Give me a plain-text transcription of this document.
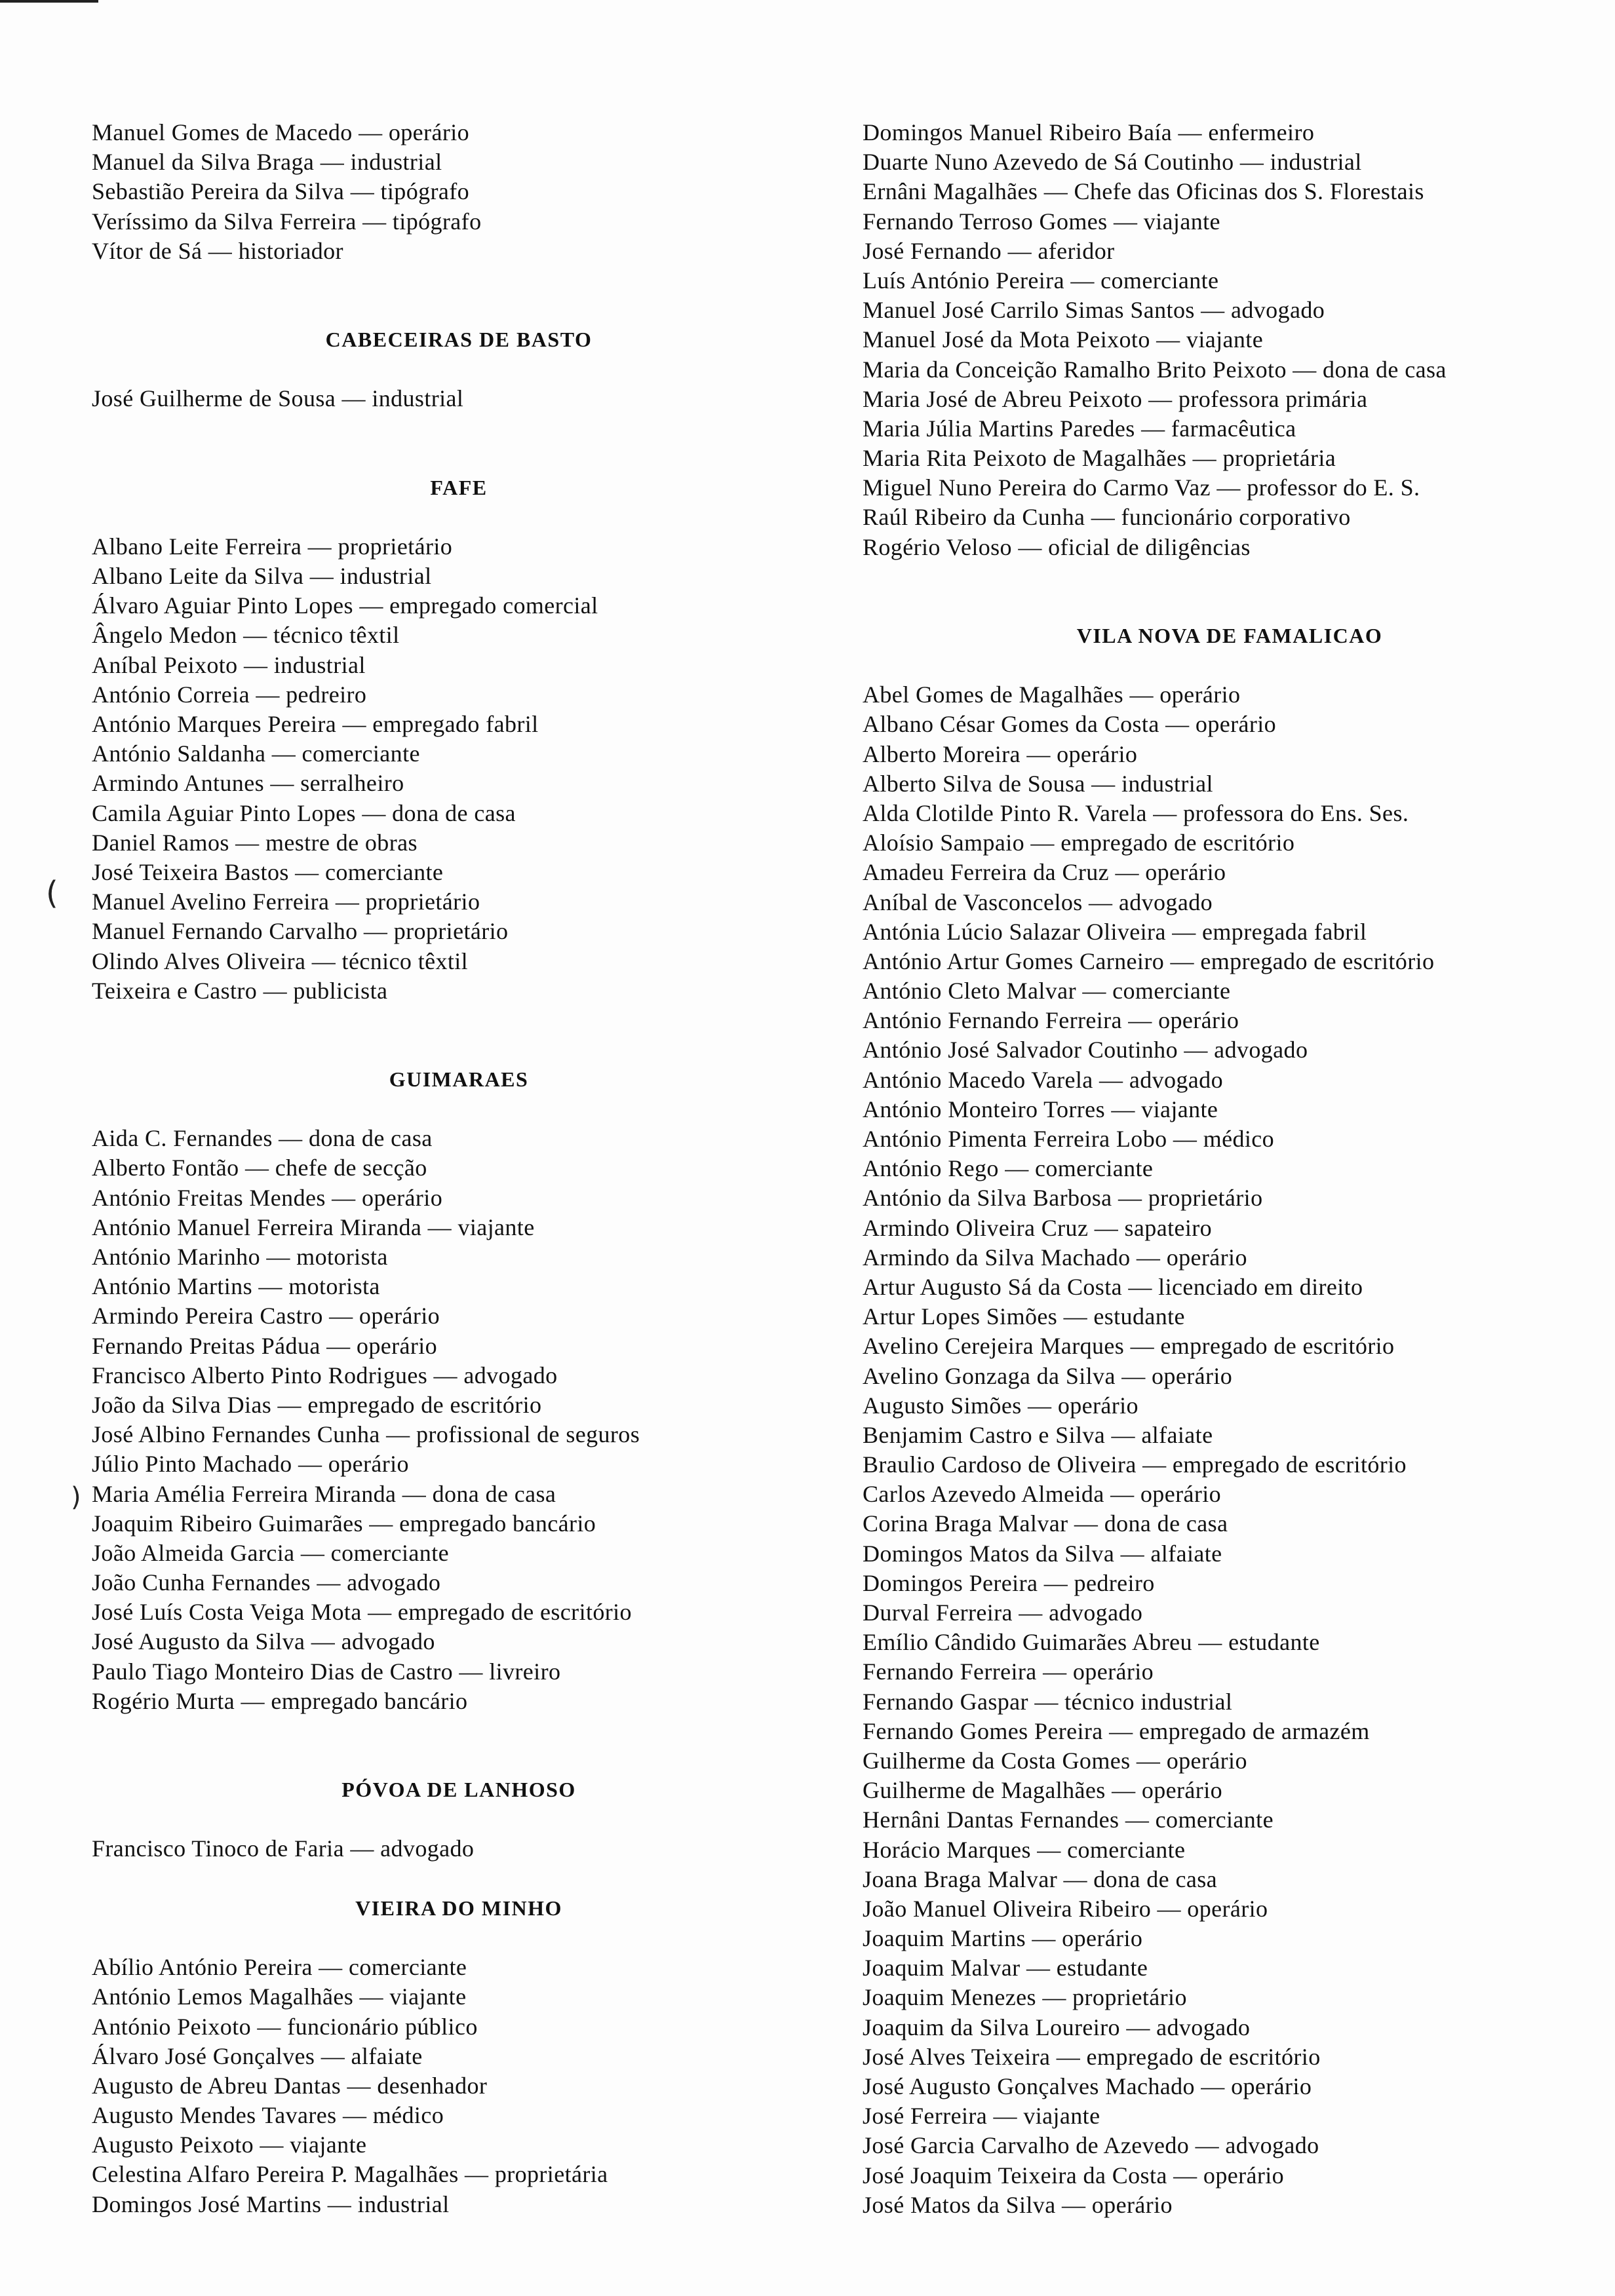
(
)
Manuel Gomes de Macedo — operário
Manuel da Silva Braga — industrial
Sebastião Pereira da Silva — tipógrafo
Veríssimo da Silva Ferreira — tipógrafo
Vítor de Sá — historiador
CABECEIRAS DE BASTO
José Guilherme de Sousa — industrial
FAFE
Albano Leite Ferreira — proprietário
Albano Leite da Silva — industrial
Álvaro Aguiar Pinto Lopes — empregado comercial
Ângelo Medon — técnico têxtil
Aníbal Peixoto — industrial
António Correia — pedreiro
António Marques Pereira — empregado fabril
António Saldanha — comerciante
Armindo Antunes — serralheiro
Camila Aguiar Pinto Lopes — dona de casa
Daniel Ramos — mestre de obras
José Teixeira Bastos — comerciante
Manuel Avelino Ferreira — proprietário
Manuel Fernando Carvalho — proprietário
Olindo Alves Oliveira — técnico têxtil
Teixeira e Castro — publicista
GUIMARAES
Aida C. Fernandes — dona de casa
Alberto Fontão — chefe de secção
António Freitas Mendes — operário
António Manuel Ferreira Miranda — viajante
António Marinho — motorista
António Martins — motorista
Armindo Pereira Castro — operário
Fernando Preitas Pádua — operário
Francisco Alberto Pinto Rodrigues — advogado
João da Silva Dias — empregado de escritório
José Albino Fernandes Cunha — profissional de seguros
Júlio Pinto Machado — operário
Maria Amélia Ferreira Miranda — dona de casa
Joaquim Ribeiro Guimarães — empregado bancário
João Almeida Garcia — comerciante
João Cunha Fernandes — advogado
José Luís Costa Veiga Mota — empregado de escritório
José Augusto da Silva — advogado
Paulo Tiago Monteiro Dias de Castro — livreiro
Rogério Murta — empregado bancário
PÓVOA DE LANHOSO
Francisco Tinoco de Faria — advogado
VIEIRA DO MINHO
Abílio António Pereira — comerciante
António Lemos Magalhães — viajante
António Peixoto — funcionário público
Álvaro José Gonçalves — alfaiate
Augusto de Abreu Dantas — desenhador
Augusto Mendes Tavares — médico
Augusto Peixoto — viajante
Celestina Alfaro Pereira P. Magalhães — proprietária
Domingos José Martins — industrial
Domingos Manuel Ribeiro Baía — enfermeiro
Duarte Nuno Azevedo de Sá Coutinho — industrial
Ernâni Magalhães — Chefe das Oficinas dos S. Florestais
Fernando Terroso Gomes — viajante
José Fernando — aferidor
Luís António Pereira — comerciante
Manuel José Carrilo Simas Santos — advogado
Manuel José da Mota Peixoto — viajante
Maria da Conceição Ramalho Brito Peixoto — dona de casa
Maria José de Abreu Peixoto — professora primária
Maria Júlia Martins Paredes — farmacêutica
Maria Rita Peixoto de Magalhães — proprietária
Miguel Nuno Pereira do Carmo Vaz — professor do E. S.
Raúl Ribeiro da Cunha — funcionário corporativo
Rogério Veloso — oficial de diligências
VILA NOVA DE FAMALICAO
Abel Gomes de Magalhães — operário
Albano César Gomes da Costa — operário
Alberto Moreira — operário
Alberto Silva de Sousa — industrial
Alda Clotilde Pinto R. Varela — professora do Ens. Ses.
Aloísio Sampaio — empregado de escritório
Amadeu Ferreira da Cruz — operário
Aníbal de Vasconcelos — advogado
Antónia Lúcio Salazar Oliveira — empregada fabril
António Artur Gomes Carneiro — empregado de escritório
António Cleto Malvar — comerciante
António Fernando Ferreira — operário
António José Salvador Coutinho — advogado
António Macedo Varela — advogado
António Monteiro Torres — viajante
António Pimenta Ferreira Lobo — médico
António Rego — comerciante
António da Silva Barbosa — proprietário
Armindo Oliveira Cruz — sapateiro
Armindo da Silva Machado — operário
Artur Augusto Sá da Costa — licenciado em direito
Artur Lopes Simões — estudante
Avelino Cerejeira Marques — empregado de escritório
Avelino Gonzaga da Silva — operário
Augusto Simões — operário
Benjamim Castro e Silva — alfaiate
Braulio Cardoso de Oliveira — empregado de escritório
Carlos Azevedo Almeida — operário
Corina Braga Malvar — dona de casa
Domingos Matos da Silva — alfaiate
Domingos Pereira — pedreiro
Durval Ferreira — advogado
Emílio Cândido Guimarães Abreu — estudante
Fernando Ferreira — operário
Fernando Gaspar — técnico industrial
Fernando Gomes Pereira — empregado de armazém
Guilherme da Costa Gomes — operário
Guilherme de Magalhães — operário
Hernâni Dantas Fernandes — comerciante
Horácio Marques — comerciante
Joana Braga Malvar — dona de casa
João Manuel Oliveira Ribeiro — operário
Joaquim Martins — operário
Joaquim Malvar — estudante
Joaquim Menezes — proprietário
Joaquim da Silva Loureiro — advogado
José Alves Teixeira — empregado de escritório
José Augusto Gonçalves Machado — operário
José Ferreira — viajante
José Garcia Carvalho de Azevedo — advogado
José Joaquim Teixeira da Costa — operário
José Matos da Silva — operário
